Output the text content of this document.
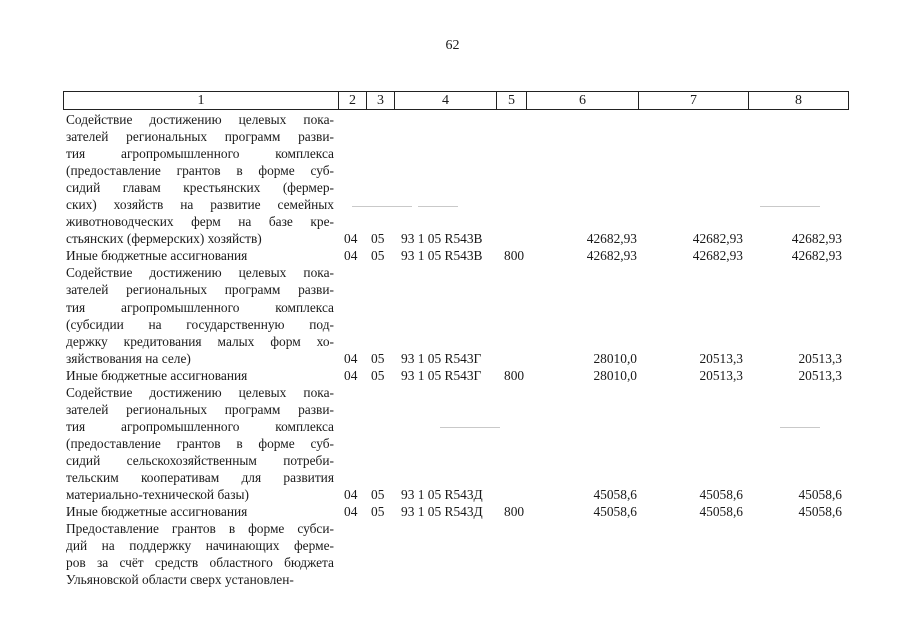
62
1	2	3	4	5	6	7	8
Содействие достижению целевых пока-
зателей региональных программ разви-
тия агропромышленного комплекса
(предоставление грантов в форме суб-
сидий главам крестьянских (фермер-
ских) хозяйств на развитие семейных
животноводческих ферм на базе кре-
стьянских (фермерских) хозяйств)	04 05 93 1 05 R543В	42682,93	42682,93	42682,93
Иные бюджетные ассигнования	04 05 93 1 05 R543В 800	42682,93	42682,93	42682,93
Содействие достижению целевых пока-
зателей региональных программ разви-
тия агропромышленного комплекса
(субсидии на государственную под-
держку кредитования малых форм хо-
зяйствования на селе)	04 05 93 1 05 R543Г	28010,0	20513,3	20513,3
Иные бюджетные ассигнования	04 05 93 1 05 R543Г 800	28010,0	20513,3	20513,3
Содействие достижению целевых пока-
зателей региональных программ разви-
тия агропромышленного комплекса
(предоставление грантов в форме суб-
сидий сельскохозяйственным потреби-
тельским кооперативам для развития
материально-технической базы)	04 05 93 1 05 R543Д	45058,6	45058,6	45058,6
Иные бюджетные ассигнования	04 05 93 1 05 R543Д 800	45058,6	45058,6	45058,6
Предоставление грантов в форме субси-
дий на поддержку начинающих ферме-
ров за счёт средств областного бюджета
Ульяновской области сверх установлен-
